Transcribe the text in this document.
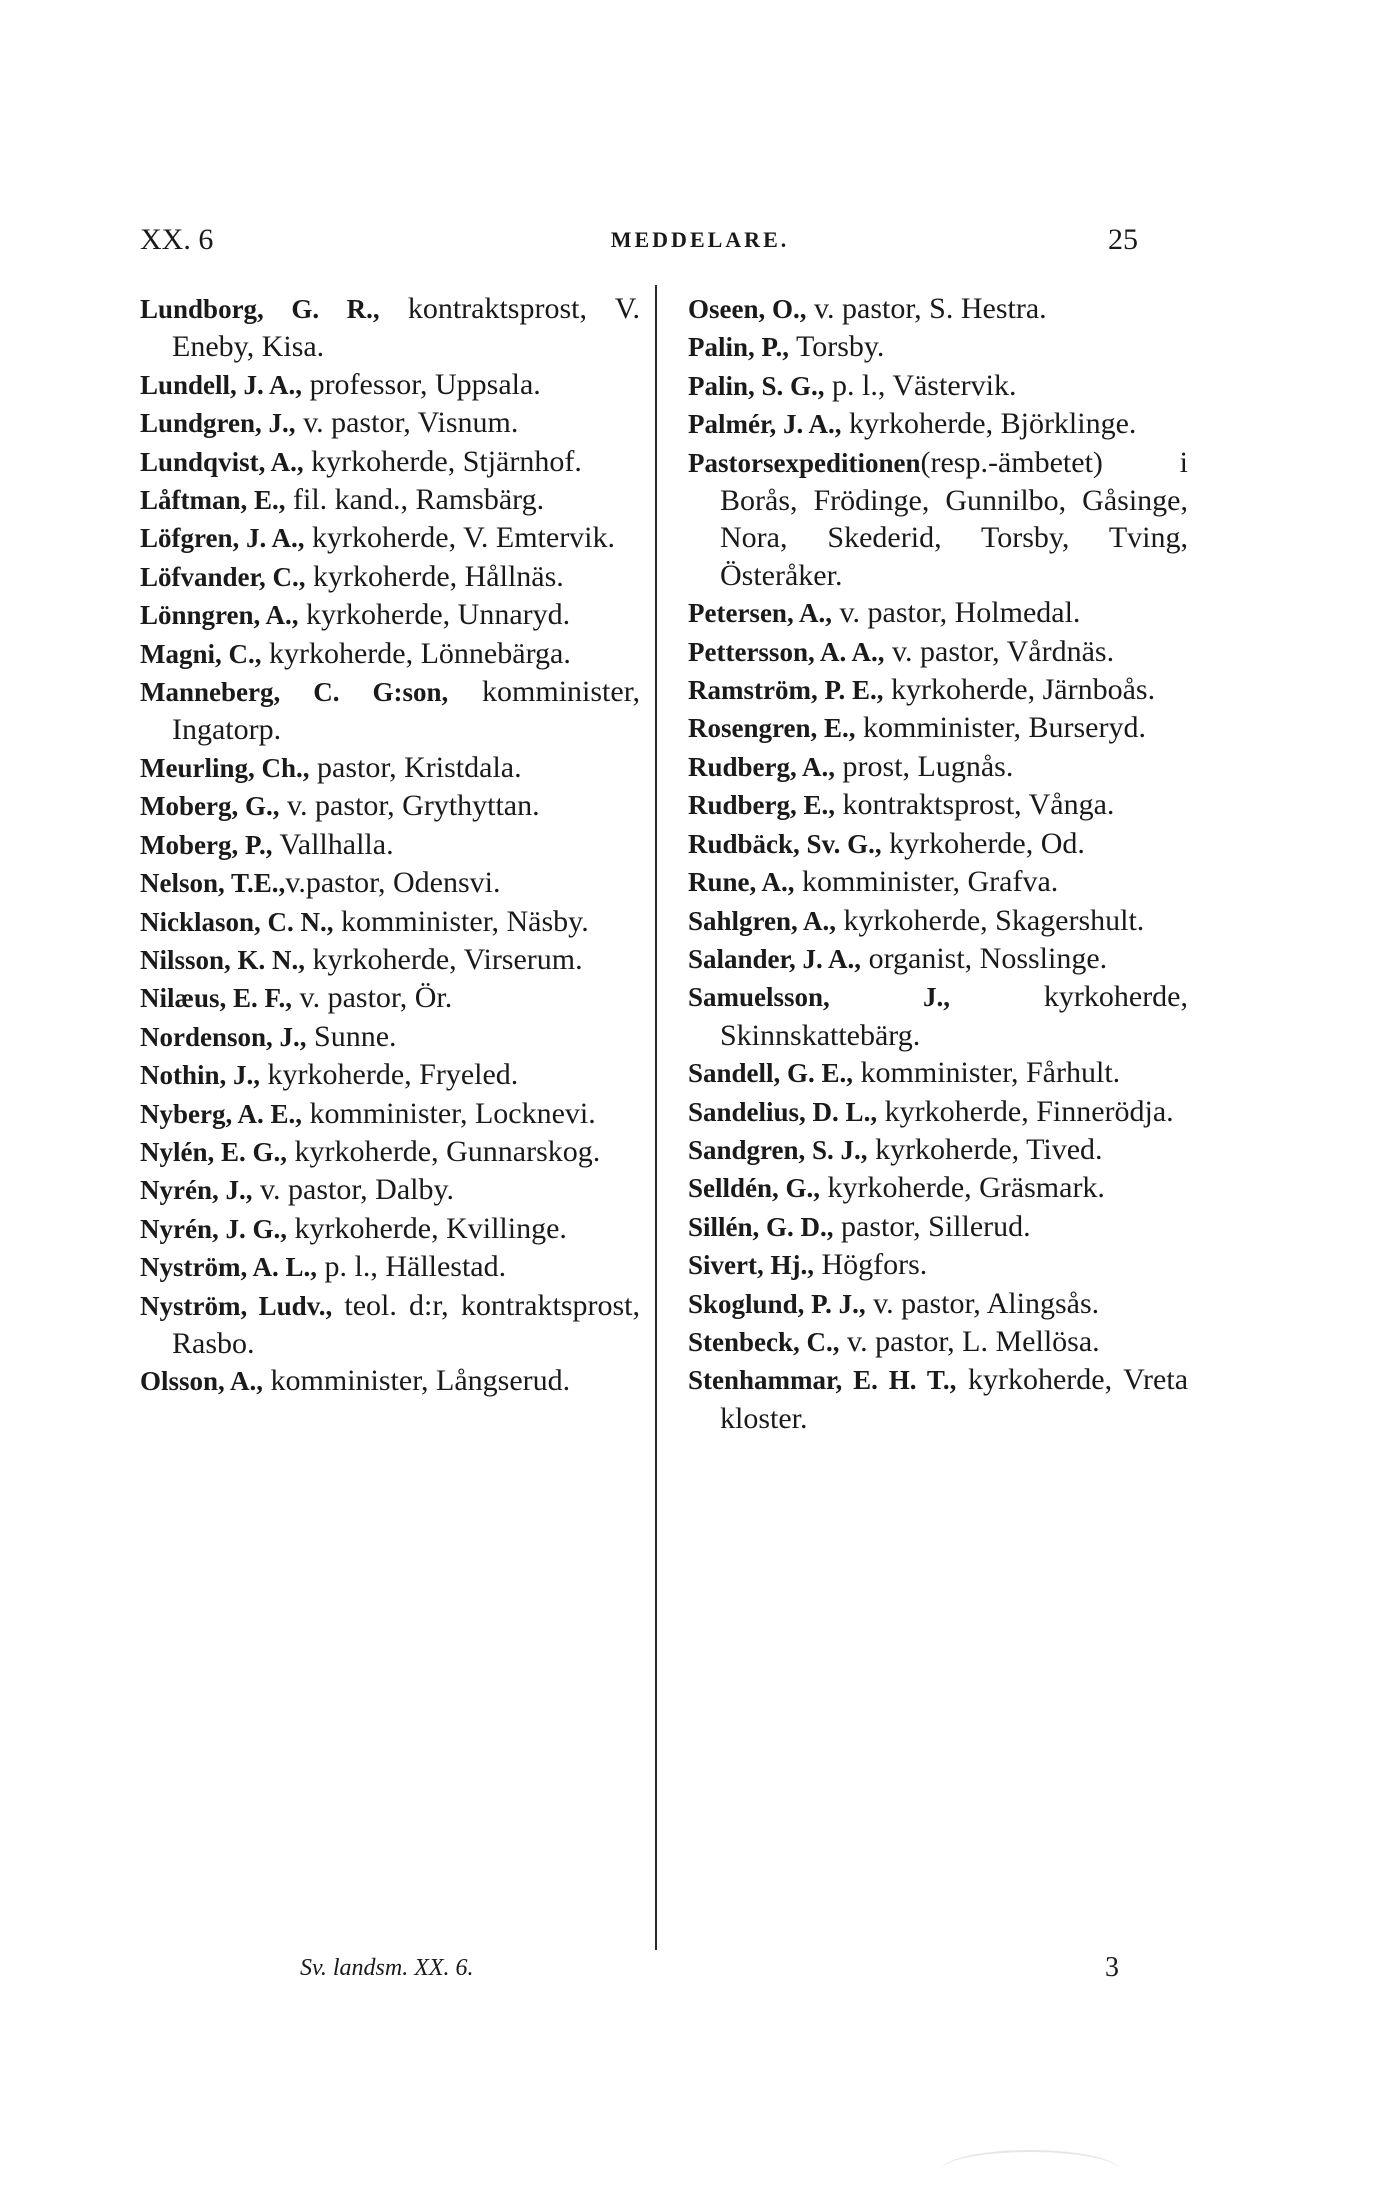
XX. 6	MEDDELARE.	25
Lundborg, G. R., kontraktsprost, V. Eneby, Kisa.
Lundell, J. A., professor, Uppsala.
Lundgren, J., v. pastor, Visnum.
Lundqvist, A., kyrkoherde, Stjärnhof.
Låftman, E., fil. kand., Ramsbärg.
Löfgren, J. A., kyrkoherde, V. Emtervik.
Löfvander, C., kyrkoherde, Hållnäs.
Lönngren, A., kyrkoherde, Unnaryd.
Magni, C., kyrkoherde, Lönnebärga.
Manneberg, C. G:son, komminister, Ingatorp.
Meurling, Ch., pastor, Kristdala.
Moberg, G., v. pastor, Grythyttan.
Moberg, P., Vallhalla.
Nelson, T.E.,v.pastor, Odensvi.
Nicklason, C. N., komminister, Näsby.
Nilsson, K. N., kyrkoherde, Virserum.
Nilæus, E. F., v. pastor, Ör.
Nordenson, J., Sunne.
Nothin, J., kyrkoherde, Fryeled.
Nyberg, A. E., komminister, Locknevi.
Nylén, E. G., kyrkoherde, Gunnarskog.
Nyrén, J., v. pastor, Dalby.
Nyrén, J. G., kyrkoherde, Kvillinge.
Nyström, A. L., p. l., Hällestad.
Nyström, Ludv., teol. d:r, kontraktsprost, Rasbo.
Olsson, A., komminister, Långserud.
Oseen, O., v. pastor, S. Hestra.
Palin, P., Torsby.
Palin, S. G., p. l., Västervik.
Palmér, J. A., kyrkoherde, Björklinge.
Pastorsexpeditionen(resp.-ämbetet) i Borås, Frödinge, Gunnilbo, Gåsinge, Nora, Skederid, Torsby, Tving, Österåker.
Petersen, A., v. pastor, Holmedal.
Pettersson, A. A., v. pastor, Vårdnäs.
Ramström, P. E., kyrkoherde, Järnboås.
Rosengren, E., komminister, Burseryd.
Rudberg, A., prost, Lugnås.
Rudberg, E., kontraktsprost, Vånga.
Rudbäck, Sv. G., kyrkoherde, Od.
Rune, A., komminister, Grafva.
Sahlgren, A., kyrkoherde, Skagershult.
Salander, J. A., organist, Nosslinge.
Samuelsson, J., kyrkoherde, Skinnskattebärg.
Sandell, G. E., komminister, Fårhult.
Sandelius, D. L., kyrkoherde, Finnerödja.
Sandgren, S. J., kyrkoherde, Tived.
Selldén, G., kyrkoherde, Gräsmark.
Sillén, G. D., pastor, Sillerud.
Sivert, Hj., Högfors.
Skoglund, P. J., v. pastor, Alingsås.
Stenbeck, C., v. pastor, L. Mellösa.
Stenhammar, E. H. T., kyrkoherde, Vreta kloster.
Sv. landsm. XX. 6.	3
